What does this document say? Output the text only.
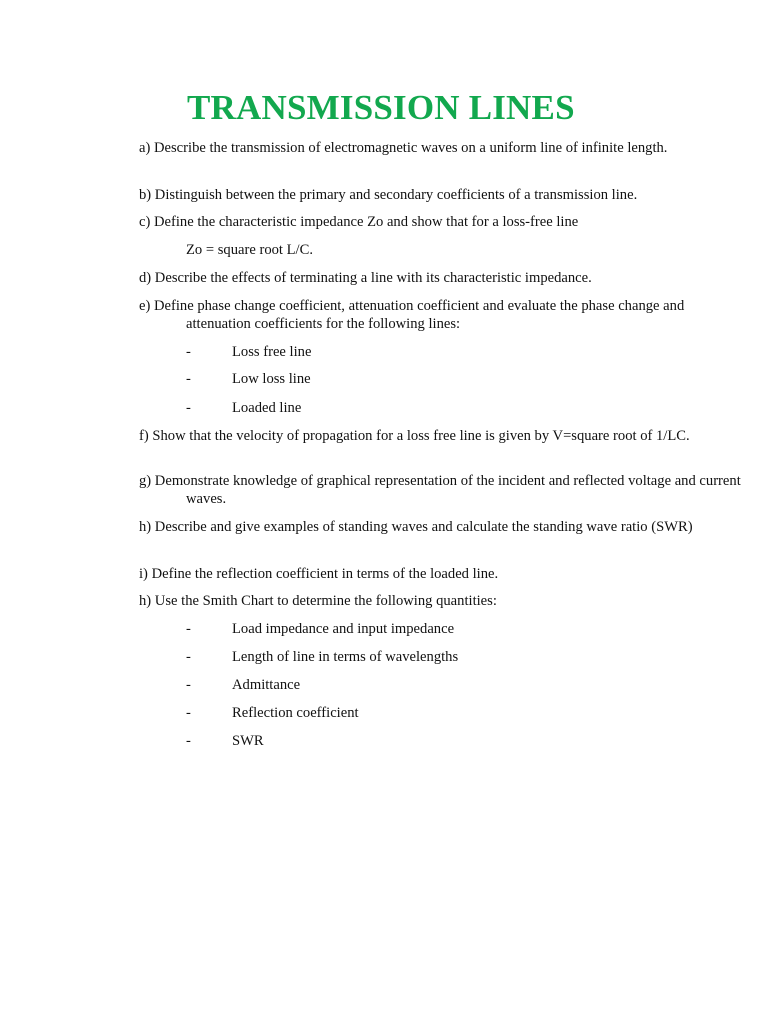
TRANSMISSION LINES
a) Describe the transmission of electromagnetic waves on a uniform line of infinite length.
b) Distinguish between the primary and secondary coefficients of a transmission line.
c) Define the characteristic impedance Zo and show that for a loss-free line
Zo = square root L/C.
d) Describe the effects of terminating a line with its characteristic impedance.
e) Define phase change coefficient, attenuation coefficient and evaluate the phase change and attenuation coefficients for the following lines:
-	Loss free line
-	Low loss line
-	Loaded line
f) Show that the velocity of propagation for a loss free line is given by V=square root of 1/LC.
g) Demonstrate knowledge of graphical representation of the incident and reflected voltage and current waves.
h) Describe and give examples of standing waves and calculate the standing wave ratio (SWR)
i) Define the reflection coefficient in terms of the loaded line.
h) Use the Smith Chart to determine the following quantities:
-	Load impedance and input impedance
-	Length of line in terms of wavelengths
-	Admittance
-	Reflection coefficient
-	SWR
